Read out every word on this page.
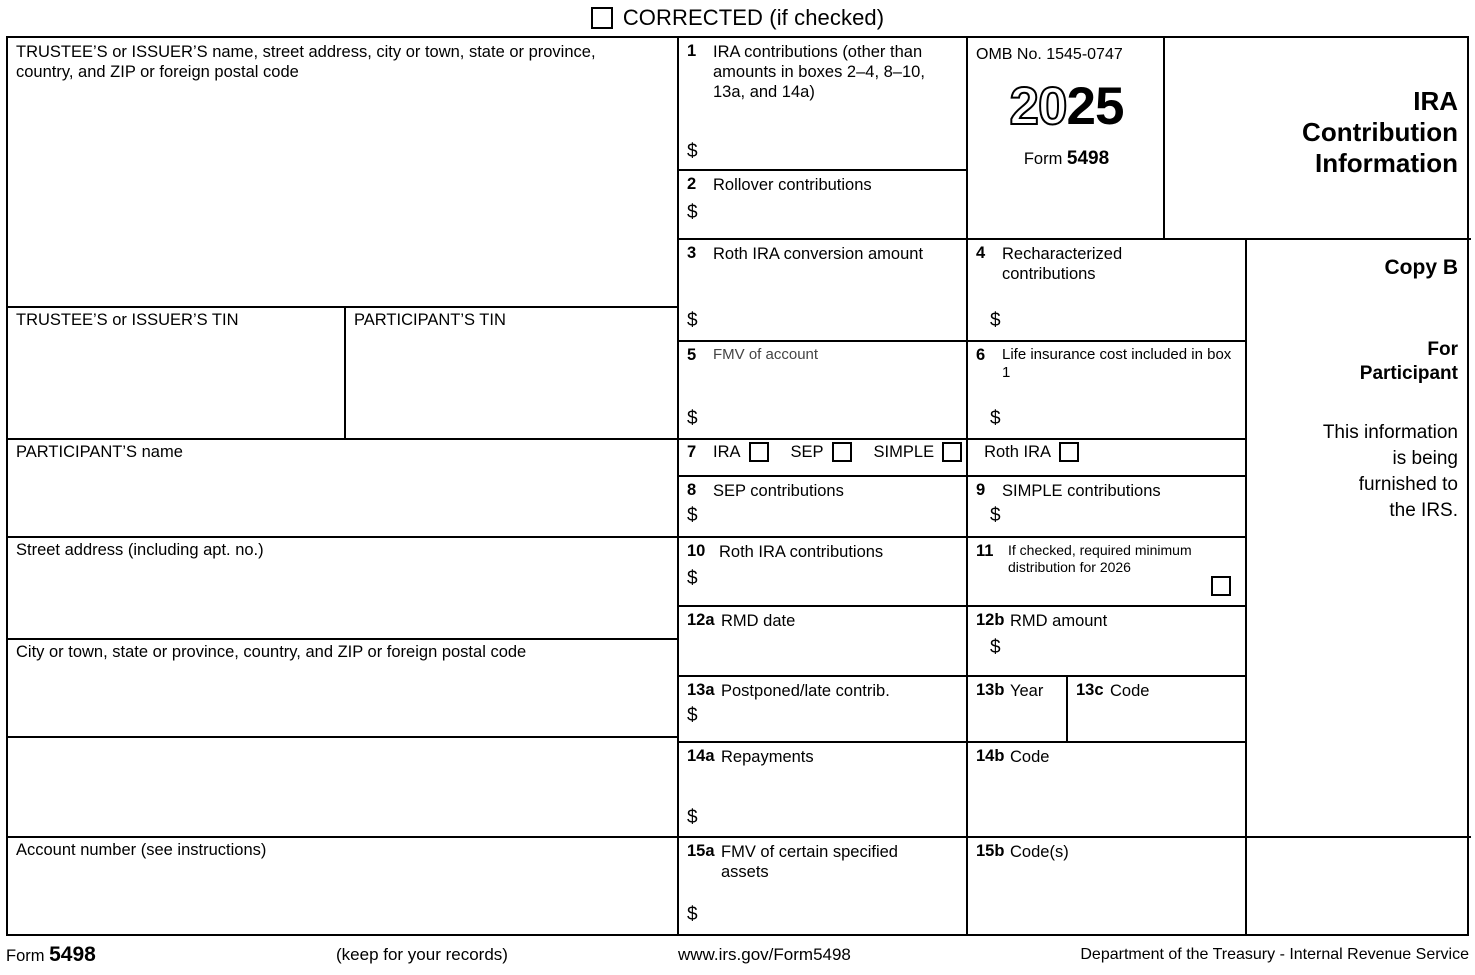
CORRECTED (if checked)
TRUSTEE’S or ISSUER’S name, street address, city or town, state or province, country, and ZIP or foreign postal code
TRUSTEE’S or ISSUER’S TIN	PARTICIPANT’S TIN
PARTICIPANT’S name
Street address (including apt. no.)
City or town, state or province, country, and ZIP or foreign postal code
Account number (see instructions)
1	IRA contributions (other than amounts in boxes 2–4, 8–10, 13a, and 14a)
$
2	Rollover contributions
$
OMB No. 1545-0747
2025
Form 5498
3	Roth IRA conversion amount
$
4	Recharacterized contributions
$
5	FMV of account
$
6	Life insurance cost included in box 1
$
7	IRA	SEP	SIMPLE	Roth IRA
8	SEP contributions
$
9	SIMPLE contributions
$
10 Roth IRA contributions
$
11	If checked, required minimum distribution for 2026
12a RMD date	12b RMD amount
$
13a Postponed/late contrib.
$
13b Year 13c Code
14a Repayments
$
14b Code
15a FMV of certain specified assets
$
15b Code(s)
IRA
Contribution
Information
Copy B
For
Participant
This information
is being
furnished to
the IRS.
Form 5498	(keep for your records)	www.irs.gov/Form5498	Department of the Treasury - Internal Revenue Service
